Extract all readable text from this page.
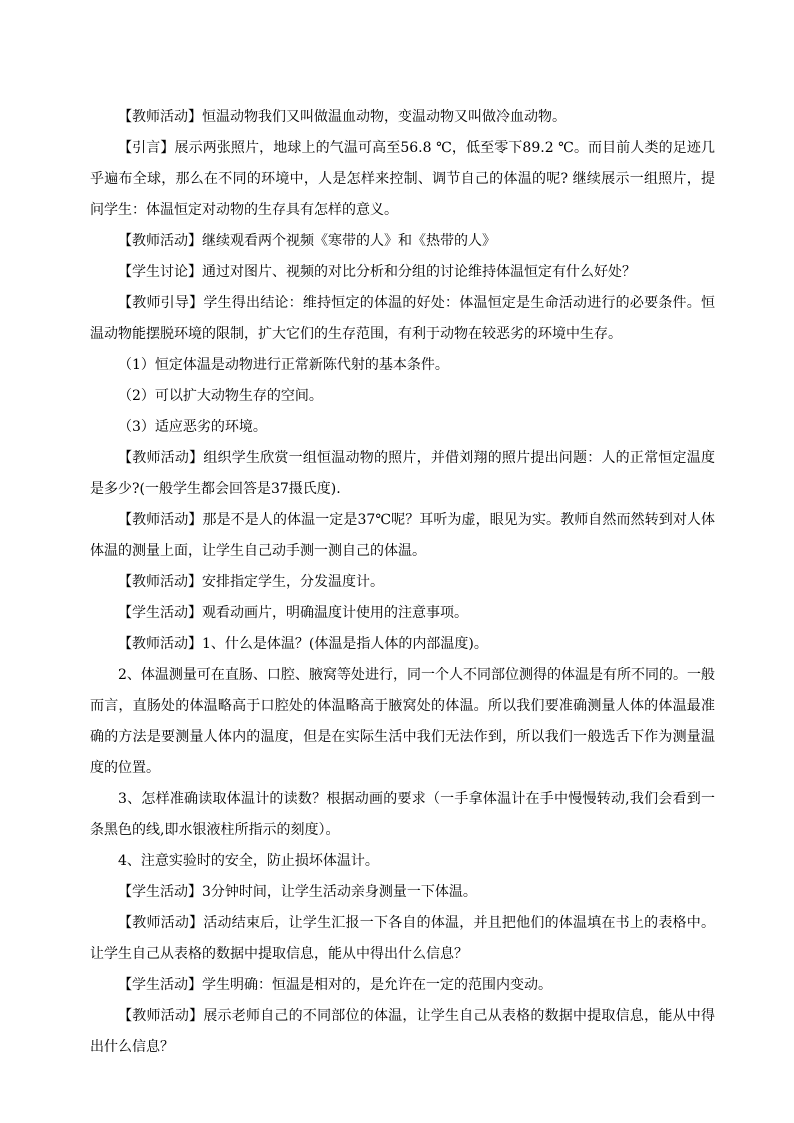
【教师活动】恒温动物我们又叫做温血动物，变温动物又叫做冷血动物。

【引言】展示两张照片，地球上的气温可高至56.8 ℃，低至零下89.2 ℃。而目前人类的足迹几乎遍布全球，那么在不同的环境中，人是怎样来控制、调节自己的体温的呢? 继续展示一组照片，提问学生：体温恒定对动物的生存具有怎样的意义。

【教师活动】继续观看两个视频《寒带的人》和《热带的人》

【学生讨论】通过对图片、视频的对比分析和分组的讨论维持体温恒定有什么好处？

【教师引导】学生得出结论：维持恒定的体温的好处：体温恒定是生命活动进行的必要条件。恒温动物能摆脱环境的限制，扩大它们的生存范围，有利于动物在较恶劣的环境中生存。

（1）恒定体温是动物进行正常新陈代射的基本条件。

（2）可以扩大动物生存的空间。

（3）适应恶劣的环境。

【教师活动】组织学生欣赏一组恒温动物的照片，并借刘翔的照片提出问题：人的正常恒定温度是多少?(一般学生都会回答是37摄氏度).

【教师活动】那是不是人的体温一定是37℃呢？耳听为虚，眼见为实。教师自然而然转到对人体体温的测量上面，让学生自己动手测一测自己的体温。

【教师活动】安排指定学生，分发温度计。

【学生活动】观看动画片，明确温度计使用的注意事项。

【教师活动】1、什么是体温？(体温是指人体的内部温度)。

2、体温测量可在直肠、口腔、腋窝等处进行，同一个人不同部位测得的体温是有所不同的。一般而言，直肠处的体温略高于口腔处的体温略高于腋窝处的体温。所以我们要准确测量人体的体温最准确的方法是要测量人体内的温度，但是在实际生活中我们无法作到，所以我们一般选舌下作为测量温度的位置。

3、怎样准确读取体温计的读数？根据动画的要求（一手拿体温计在手中慢慢转动,我们会看到一条黑色的线,即水银液柱所指示的刻度）。

4、注意实验时的安全，防止损坏体温计。

【学生活动】3分钟时间，让学生活动亲身测量一下体温。

【教师活动】活动结束后，让学生汇报一下各自的体温，并且把他们的体温填在书上的表格中。让学生自己从表格的数据中提取信息，能从中得出什么信息？

【学生活动】学生明确：恒温是相对的，是允许在一定的范围内变动。

【教师活动】展示老师自己的不同部位的体温，让学生自己从表格的数据中提取信息，能从中得出什么信息？
